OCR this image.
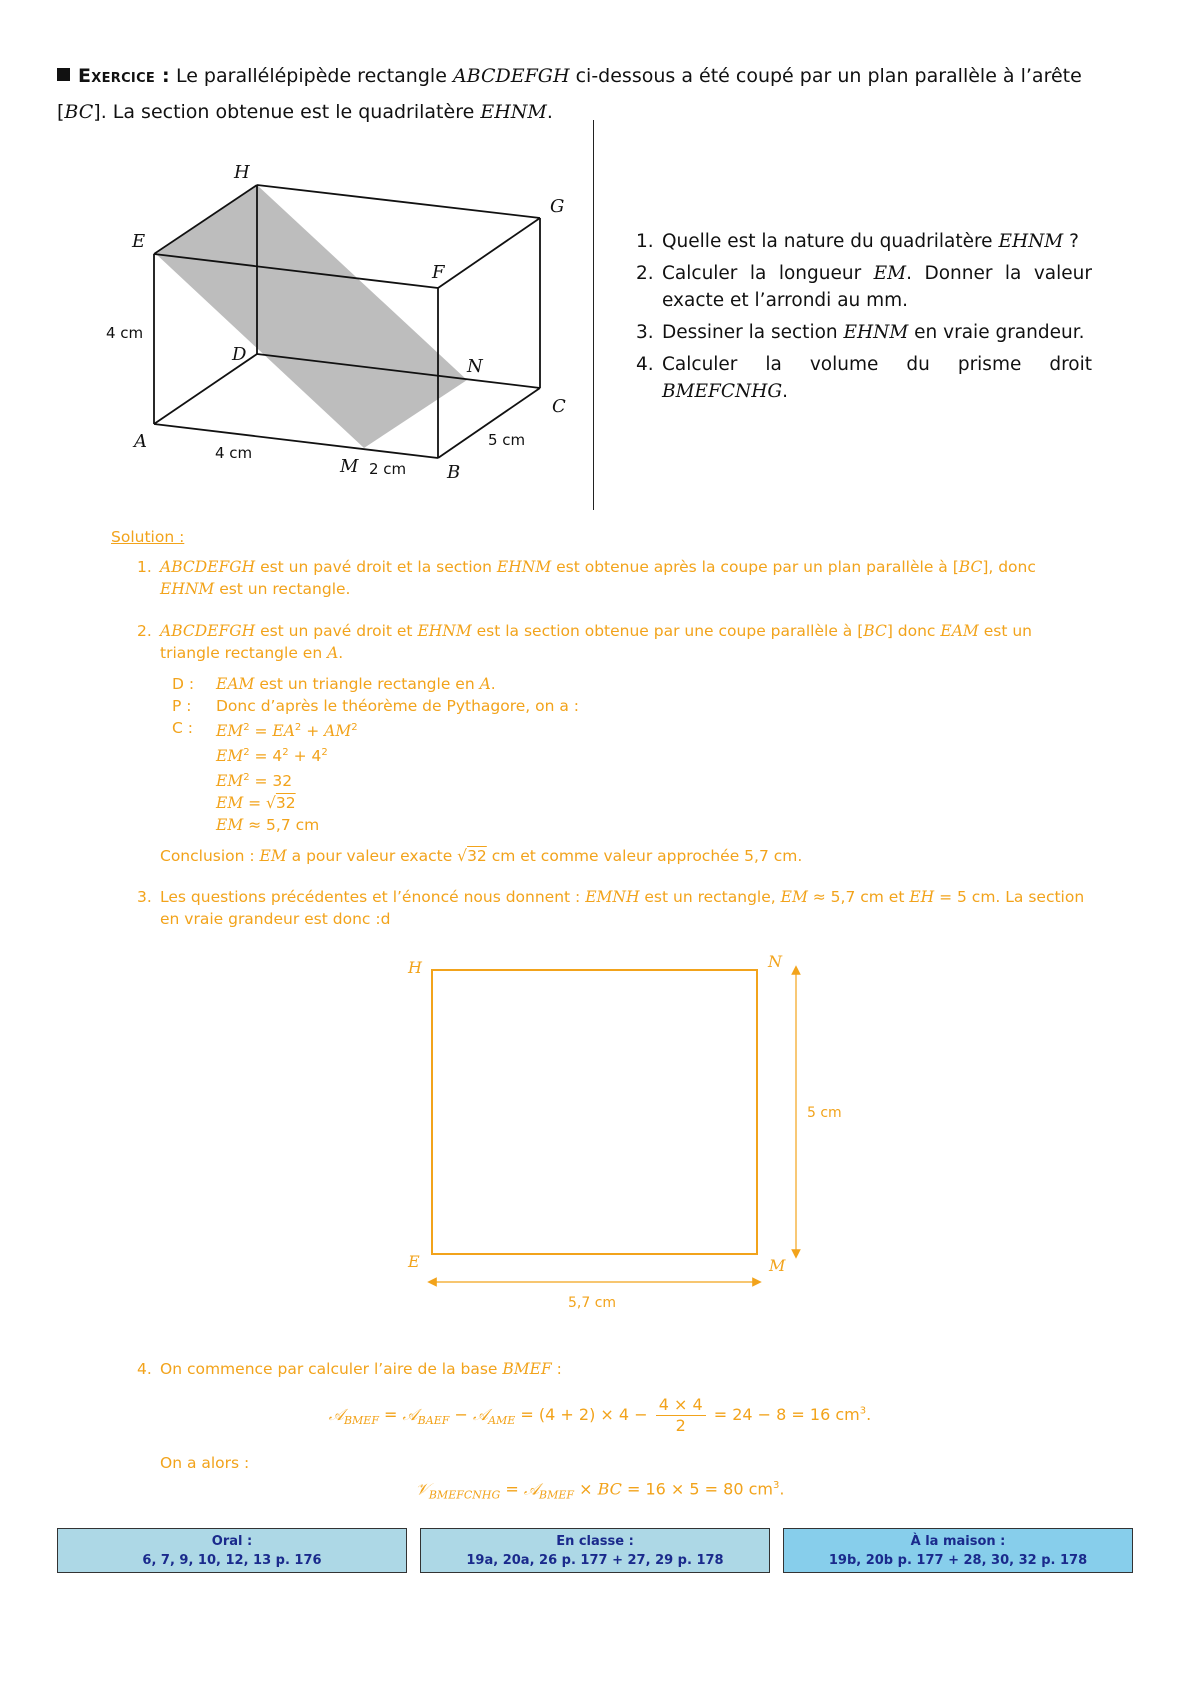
Exercice : Le parallélépipède rectangle ABCDEFGH ci-dessous a été coupé par un plan parallèle à l’arête [BC]. La section obtenue est le quadrilatère EHNM.
H
G
E
F
D
N
C
A
M	B
4 cm
4 cm
2 cm
5 cm
1. Quelle est la nature du quadrilatère EHNM ?
2. Calculer la longueur EM. Donner la valeur exacte et l’arrondi au mm.
3. Dessiner la section EHNM en vraie grandeur.
4. Calculer la volume du prisme droit BMEFCNHG.
Solution :
1. ABCDEFGH est un pavé droit et la section EHNM est obtenue après la coupe par un plan parallèle à [BC], donc EHNM est un rectangle.
2. ABCDEFGH est un pavé droit et EHNM est la section obtenue par une coupe parallèle à [BC] donc EAM est un triangle rectangle en A.
D :	EAM est un triangle rectangle en A.
P :	Donc d’après le théorème de Pythagore, on a :
C :	$EM^2 = EA^2 + AM^2$
$EM^2 = 4^2 + 4^2$
$EM^2 = 32$
EM = √32
EM ≈ 5,7 cm
Conclusion : EM a pour valeur exacte √32 cm et comme valeur approchée 5,7 cm.
3. Les questions précédentes et l’énoncé nous donnent : EMNH est un rectangle, EM ≈ 5,7 cm et EH = 5 cm. La section en vraie grandeur est donc :d
H	N
E	M
5 cm
5,7 cm
4. On commence par calculer l’aire de la base BMEF :
𝒜$_{BMEF}$ = 𝒜$_{BAEF}$ − 𝒜$_{AME}$ = $(4 + 2) \times 4 - \frac{4 \times 4}{2} = 24 - 8 = 16$ $cm^3$.
On a alors :
𝒱$_{BMEFCNHG}$ = 𝒜$_{BMEF}$ × BC = 16 × 5 = 80 $cm^3$.
Oral :
6, 7, 9, 10, 12, 13 p. 176
En classe :
19a, 20a, 26 p. 177 + 27, 29 p. 178
À la maison :
19b, 20b p. 177 + 28, 30, 32 p. 178
